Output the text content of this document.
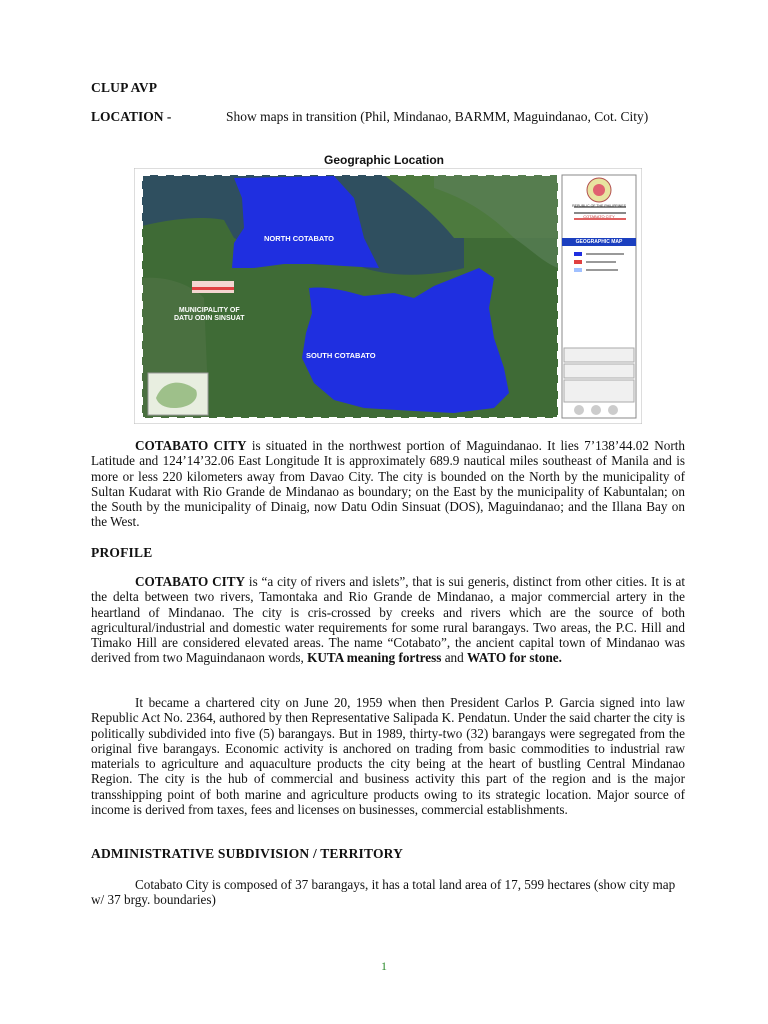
CLUP AVP
LOCATION -	Show maps in transition (Phil, Mindanao, BARMM, Maguindanao, Cot. City)
Geographic Location
GEOGRAPHIC MAP
REPUBLIC OF THE PHILIPPINES
COTABATO CITY
NORTH COTABATO
MUNICIPALITY OF
DATU ODIN SINSUAT
SOUTH COTABATO

COTABATO CITY is situated in the northwest portion of Maguindanao. It lies 7’138’44.02 North Latitude and 124’14’32.06 East Longitude It is approximately 689.9 nautical miles southeast of Manila and is more or less 220 kilometers away from Davao City. The city is bounded on the North by the municipality of Sultan Kudarat with Rio Grande de Mindanao as boundary; on the East by the municipality of Kabuntalan; on the South by the municipality of Dinaig, now Datu Odin Sinsuat (DOS), Maguindanao; and the Illana Bay on the West.

PROFILE

COTABATO CITY is “a city of rivers and islets”, that is sui generis, distinct from other cities. It is at the delta between two rivers, Tamontaka and Rio Grande de Mindanao, a major commercial artery in the heartland of Mindanao. The city is cris-crossed by creeks and rivers which are the source of both agricultural/industrial and domestic water requirements for some rural barangays. Two areas, the P.C. Hill and Timako Hill are considered elevated areas. The name “Cotabato”, the ancient capital town of Mindanao was derived from two Maguindanaon words, KUTA meaning fortress and WATO for stone.

It became a chartered city on June 20, 1959 when then President Carlos P. Garcia signed into law Republic Act No. 2364, authored by then Representative Salipada K. Pendatun. Under the said charter the city is politically subdivided into five (5) barangays. But in 1989, thirty-two (32) barangays were segregated from the original five barangays. Economic activity is anchored on trading from basic commodities to industrial raw materials to agriculture and aquaculture products the city being at the heart of bustling Central Mindanao Region. The city is the hub of commercial and business activity this part of the region and is the major transshipping point of both marine and agriculture products owing to its strategic location. Major source of income is derived from taxes, fees and licenses on businesses, commercial establishments.

ADMINISTRATIVE SUBDIVISION / TERRITORY

Cotabato City is composed of 37 barangays, it has a total land area of 17, 599 hectares (show city map w/ 37 brgy. boundaries)

1
